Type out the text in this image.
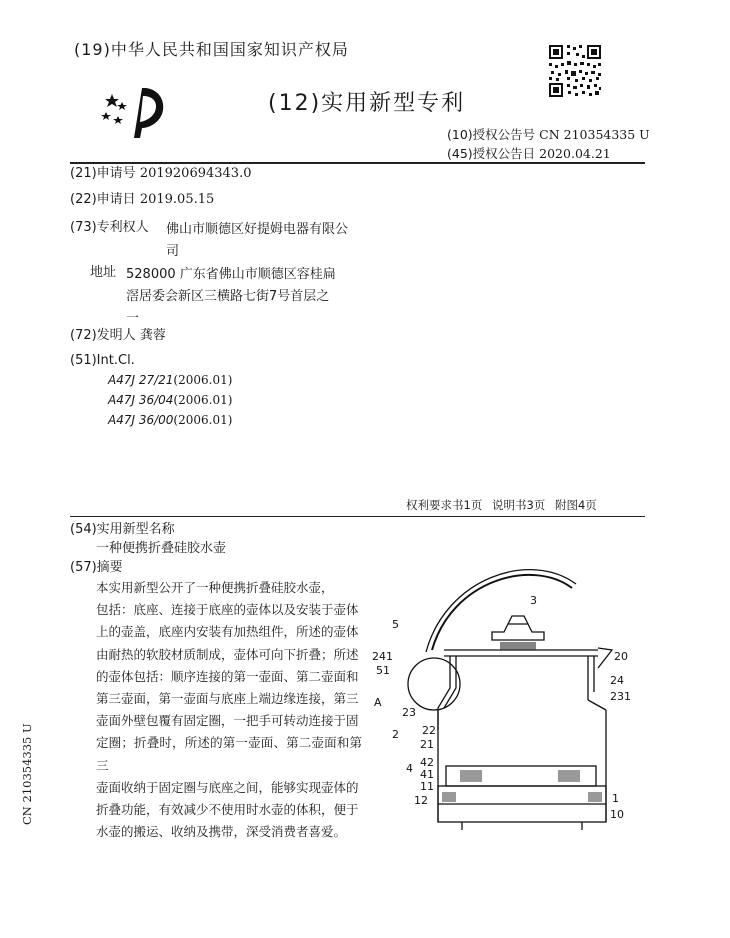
(19)中华人民共和国国家知识产权局
(12)实用新型专利
(10)授权公告号 CN 210354335 U
(45)授权公告日 2020.04.21
(21)申请号 201920694343.0
(22)申请日 2019.05.15
(73)专利权人 佛山市顺德区好提姆电器有限公
司
地址 528000 广东省佛山市顺德区容桂扁
滘居委会新区三横路七街7号首层之
一
(72)发明人 龚蓉
(51)Int.Cl.
A47J 27/21(2006.01)
A47J 36/04(2006.01)
A47J 36/00(2006.01)
权利要求书1页 说明书3页 附图4页
(54)实用新型名称
一种便携折叠硅胶水壶
(57)摘要

本实用新型公开了一种便携折叠硅胶水壶，

包括：底座、连接于底座的壶体以及安装于壶体

上的壶盖，底座内安装有加热组件，所述的壶体

由耐热的软胶材质制成，壶体可向下折叠；所述

的壶体包括：顺序连接的第一壶面、第二壶面和

第三壶面，第一壶面与底座上端边缘连接，第三

壶面外壁包覆有固定圈，一把手可转动连接于固

定圈；折叠时，所述的第一壶面、第二壶面和第三

壶面收纳于固定圈与底座之间，能够实现壶体的

折叠功能，有效减少不使用时水壶的体积，便于

水壶的搬运、收纳及携带，深受消费者喜爱。

3
5
20
241
51
24
231
A
23
22
2
21
4 42
41
11
12	1
10
CN 210354335 U
